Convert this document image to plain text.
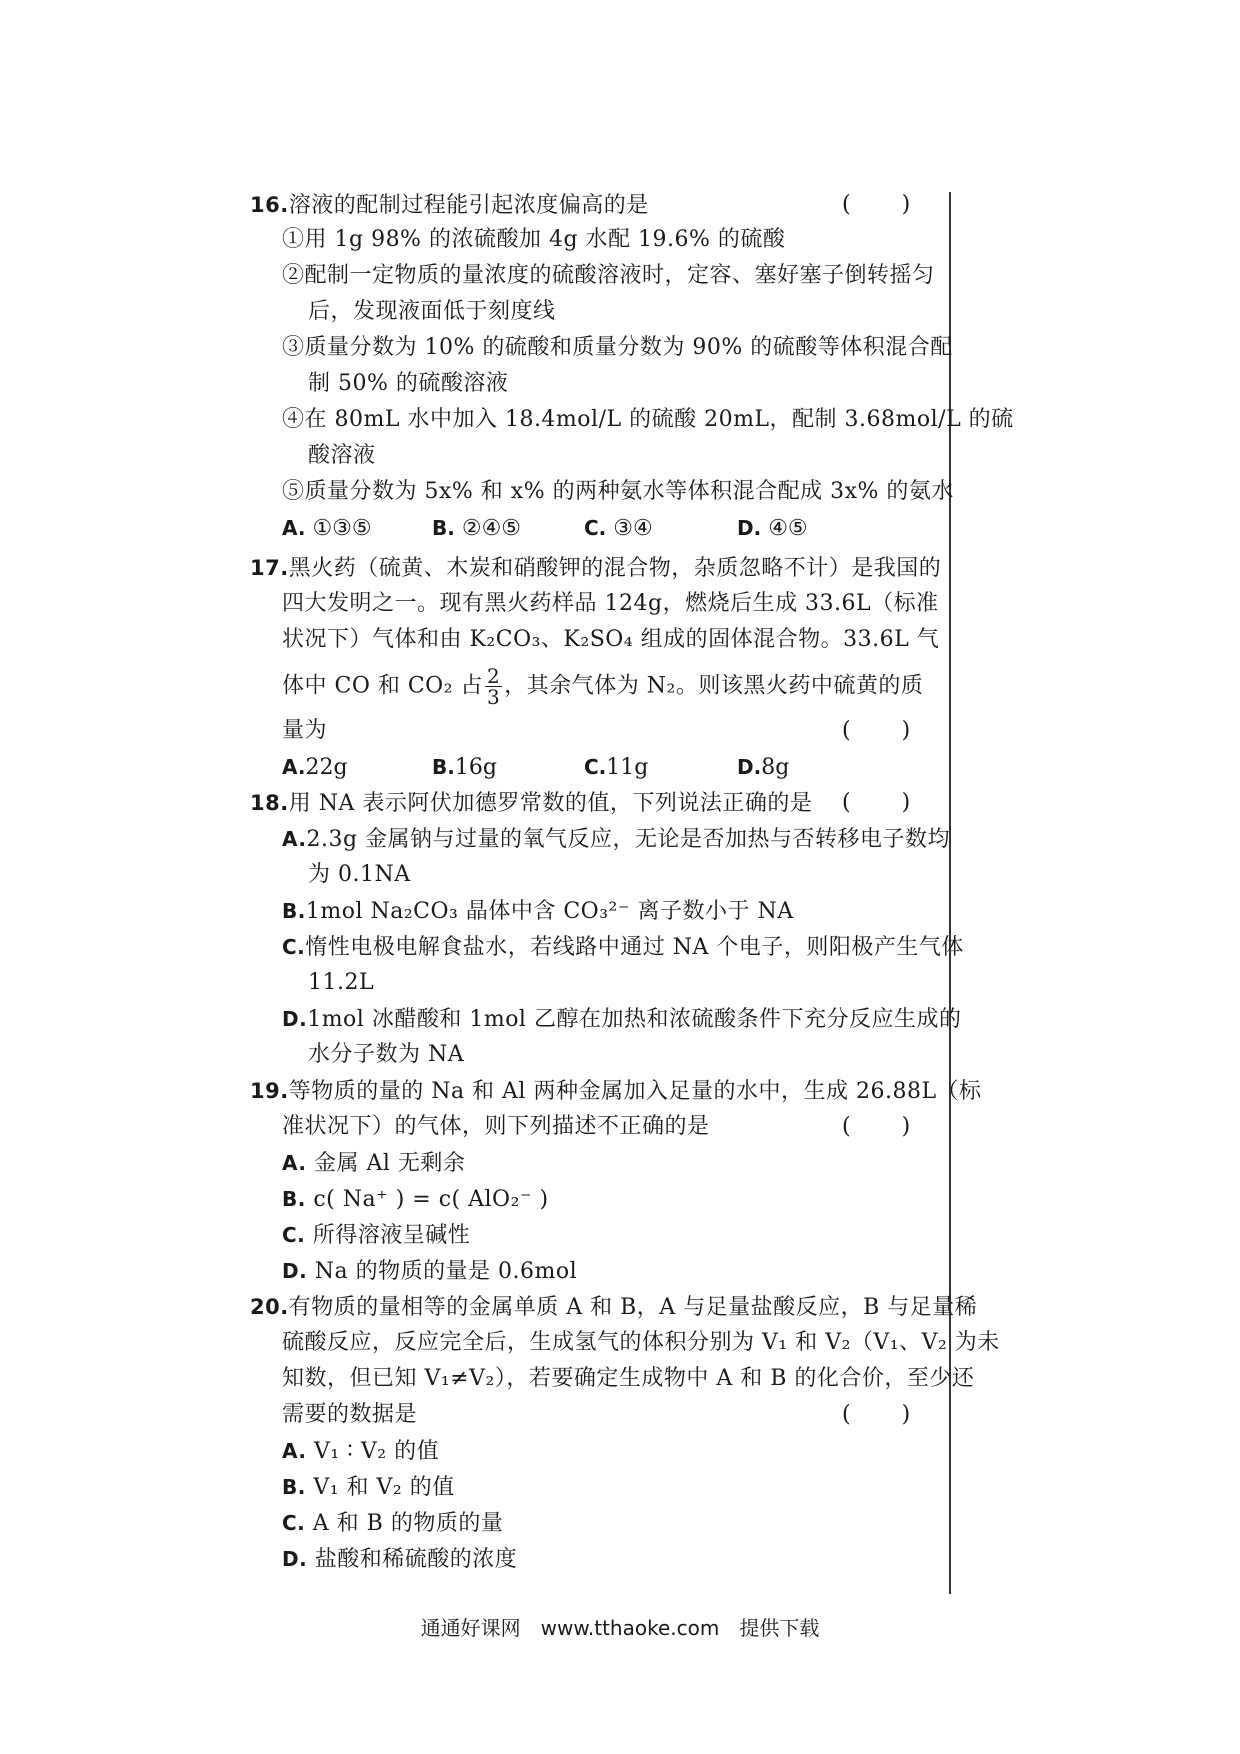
16.溶液的配制过程能引起浓度偏高的是	( )
①用 1g 98% 的浓硫酸加 4g 水配 19.6% 的硫酸
②配制一定物质的量浓度的硫酸溶液时，定容、塞好塞子倒转摇匀
后，发现液面低于刻度线
③质量分数为 10% 的硫酸和质量分数为 90% 的硫酸等体积混合配
制 50% 的硫酸溶液
④在 80mL 水中加入 18.4mol/L 的硫酸 20mL，配制 3.68mol/L 的硫
酸溶液
⑤质量分数为 5x% 和 x% 的两种氨水等体积混合配成 3x% 的氨水
A. ①③⑤	B. ②④⑤	C. ③④	D. ④⑤
17.黑火药（硫黄、木炭和硝酸钾的混合物，杂质忽略不计）是我国的
四大发明之一。现有黑火药样品 124g，燃烧后生成 33.6L（标准
状况下）气体和由 K₂CO₃、K₂SO₄ 组成的固体混合物。33.6L 气
体中 CO 和 CO₂ 占 $\frac{2}{3}$ ，其余气体为 N₂。则该黑火药中硫黄的质
量为	( )
A.22g	B.16g	C.11g	D.8g
18.用 NA 表示阿伏加德罗常数的值，下列说法正确的是 ( )
A.2.3g 金属钠与过量的氧气反应，无论是否加热与否转移电子数均
为 0.1NA
B.1mol Na₂CO₃ 晶体中含 CO₃²⁻ 离子数小于 NA
C.惰性电极电解食盐水，若线路中通过 NA 个电子，则阳极产生气体
11.2L
D.1mol 冰醋酸和 1mol 乙醇在加热和浓硫酸条件下充分反应生成的
水分子数为 NA
19.等物质的量的 Na 和 Al 两种金属加入足量的水中，生成 26.88L（标
准状况下）的气体，则下列描述不正确的是	( )
A. 金属 Al 无剩余
B. c( Na⁺ ) = c( AlO₂⁻ )
C. 所得溶液呈碱性
D. Na 的物质的量是 0.6mol
20.有物质的量相等的金属单质 A 和 B，A 与足量盐酸反应，B 与足量稀
硫酸反应，反应完全后，生成氢气的体积分别为 V₁ 和 V₂（V₁、V₂ 为未
知数，但已知 V₁≠V₂），若要确定生成物中 A 和 B 的化合价，至少还
需要的数据是	( )
A. V₁ ∶ V₂ 的值
B. V₁ 和 V₂ 的值
C. A 和 B 的物质的量
D. 盐酸和稀硫酸的浓度
通通好课网　www.tthaoke.com　提供下载
